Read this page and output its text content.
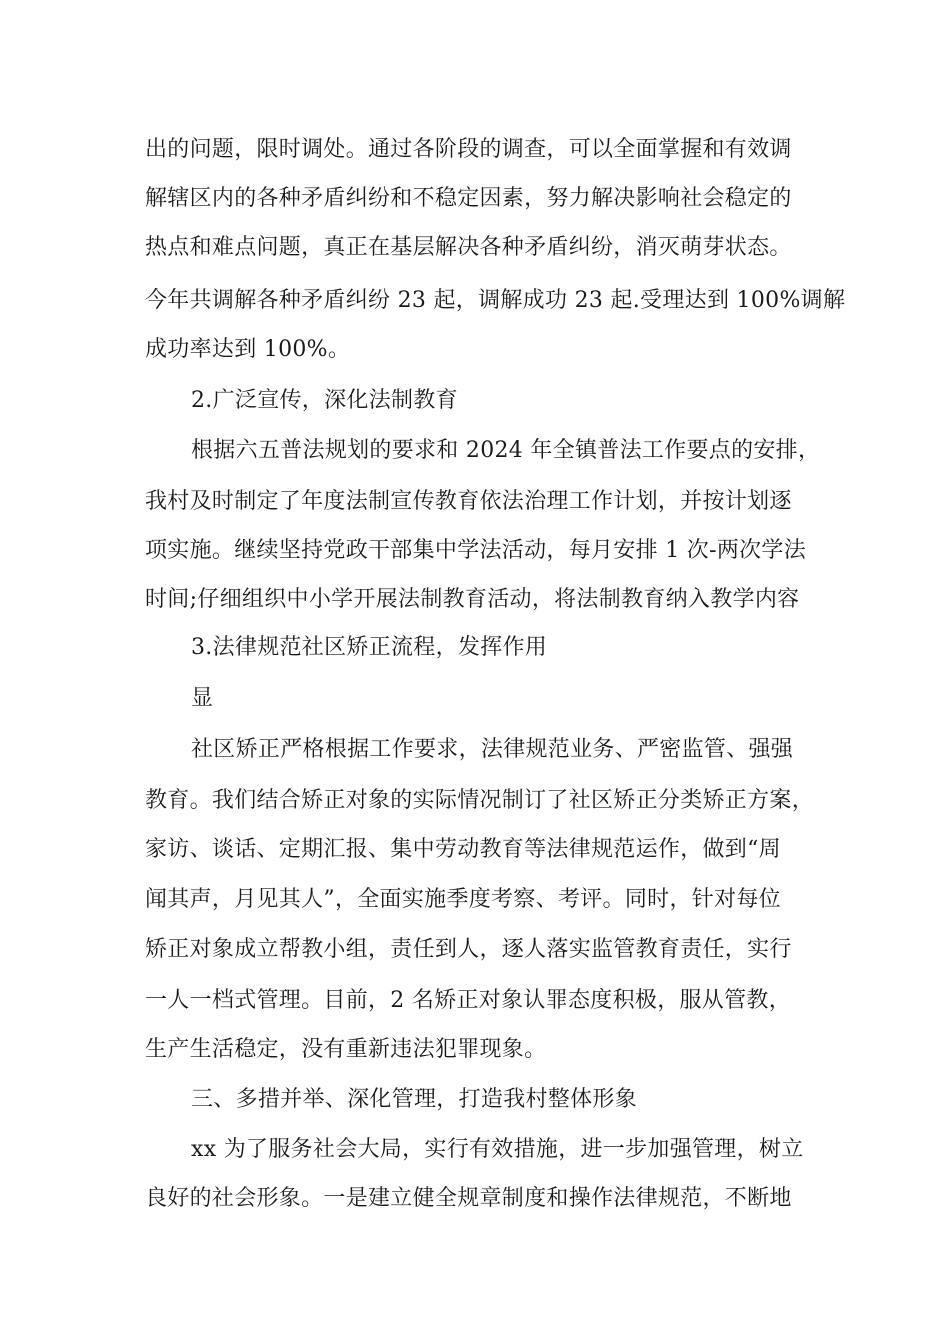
出的问题，限时调处。通过各阶段的调查，可以全面掌握和有效调
解辖区内的各种矛盾纠纷和不稳定因素，努力解决影响社会稳定的
热点和难点问题，真正在基层解决各种矛盾纠纷，消灭萌芽状态。
今年共调解各种矛盾纠纷 23 起，调解成功 23 起.受理达到 100%调解
成功率达到 100%。
2.广泛宣传，深化法制教育
根据六五普法规划的要求和 2024 年全镇普法工作要点的安排，
我村及时制定了年度法制宣传教育依法治理工作计划，并按计划逐
项实施。继续坚持党政干部集中学法活动，每月安排 1 次-两次学法
时间;仔细组织中小学开展法制教育活动，将法制教育纳入教学内容
3.法律规范社区矫正流程，发挥作用
显
社区矫正严格根据工作要求，法律规范业务、严密监管、强强
教育。我们结合矫正对象的实际情况制订了社区矫正分类矫正方案，
家访、谈话、定期汇报、集中劳动教育等法律规范运作，做到“周
闻其声，月见其人”，全面实施季度考察、考评。同时，针对每位
矫正对象成立帮教小组，责任到人，逐人落实监管教育责任，实行
一人一档式管理。目前，2 名矫正对象认罪态度积极，服从管教，
生产生活稳定，没有重新违法犯罪现象。
三、多措并举、深化管理，打造我村整体形象
xx 为了服务社会大局，实行有效措施，进一步加强管理，树立
良好的社会形象。一是建立健全规章制度和操作法律规范，不断地
